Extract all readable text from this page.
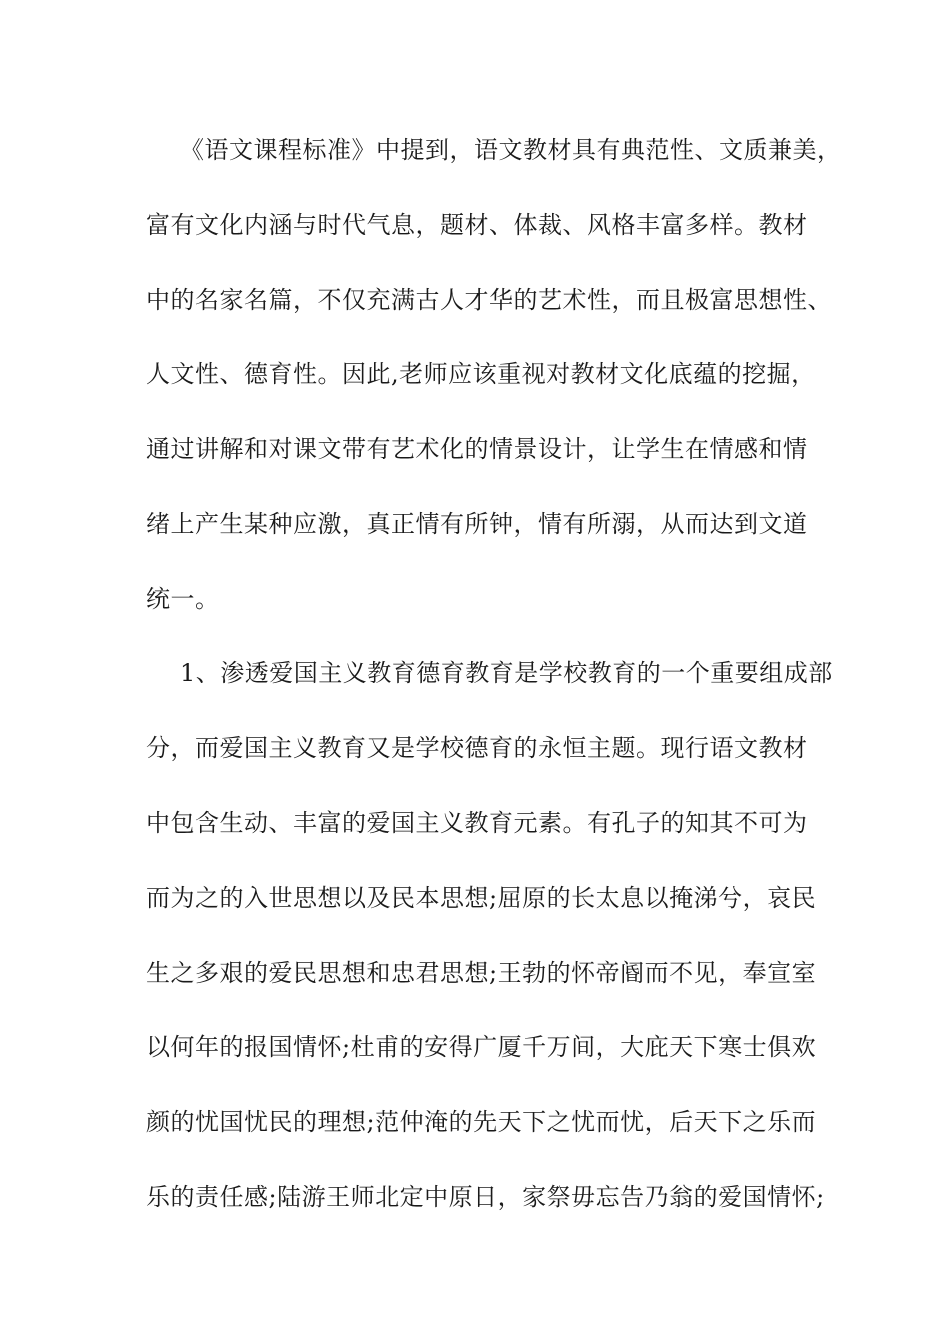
《语文课程标准》中提到，语文教材具有典范性、文质兼美，
富有文化内涵与时代气息，题材、体裁、风格丰富多样。教材
中的名家名篇，不仅充满古人才华的艺术性，而且极富思想性、
人文性、德育性。因此,老师应该重视对教材文化底蕴的挖掘，
通过讲解和对课文带有艺术化的情景设计，让学生在情感和情
绪上产生某种应激，真正情有所钟，情有所溺，从而达到文道
统一。
1、渗透爱国主义教育德育教育是学校教育的一个重要组成部
分，而爱国主义教育又是学校德育的永恒主题。现行语文教材
中包含生动、丰富的爱国主义教育元素。有孔子的知其不可为
而为之的入世思想以及民本思想;屈原的长太息以掩涕兮，哀民
生之多艰的爱民思想和忠君思想;王勃的怀帝阍而不见，奉宣室
以何年的报国情怀;杜甫的安得广厦千万间，大庇天下寒士俱欢
颜的忧国忧民的理想;范仲淹的先天下之忧而忧，后天下之乐而
乐的责任感;陆游王师北定中原日，家祭毋忘告乃翁的爱国情怀;
